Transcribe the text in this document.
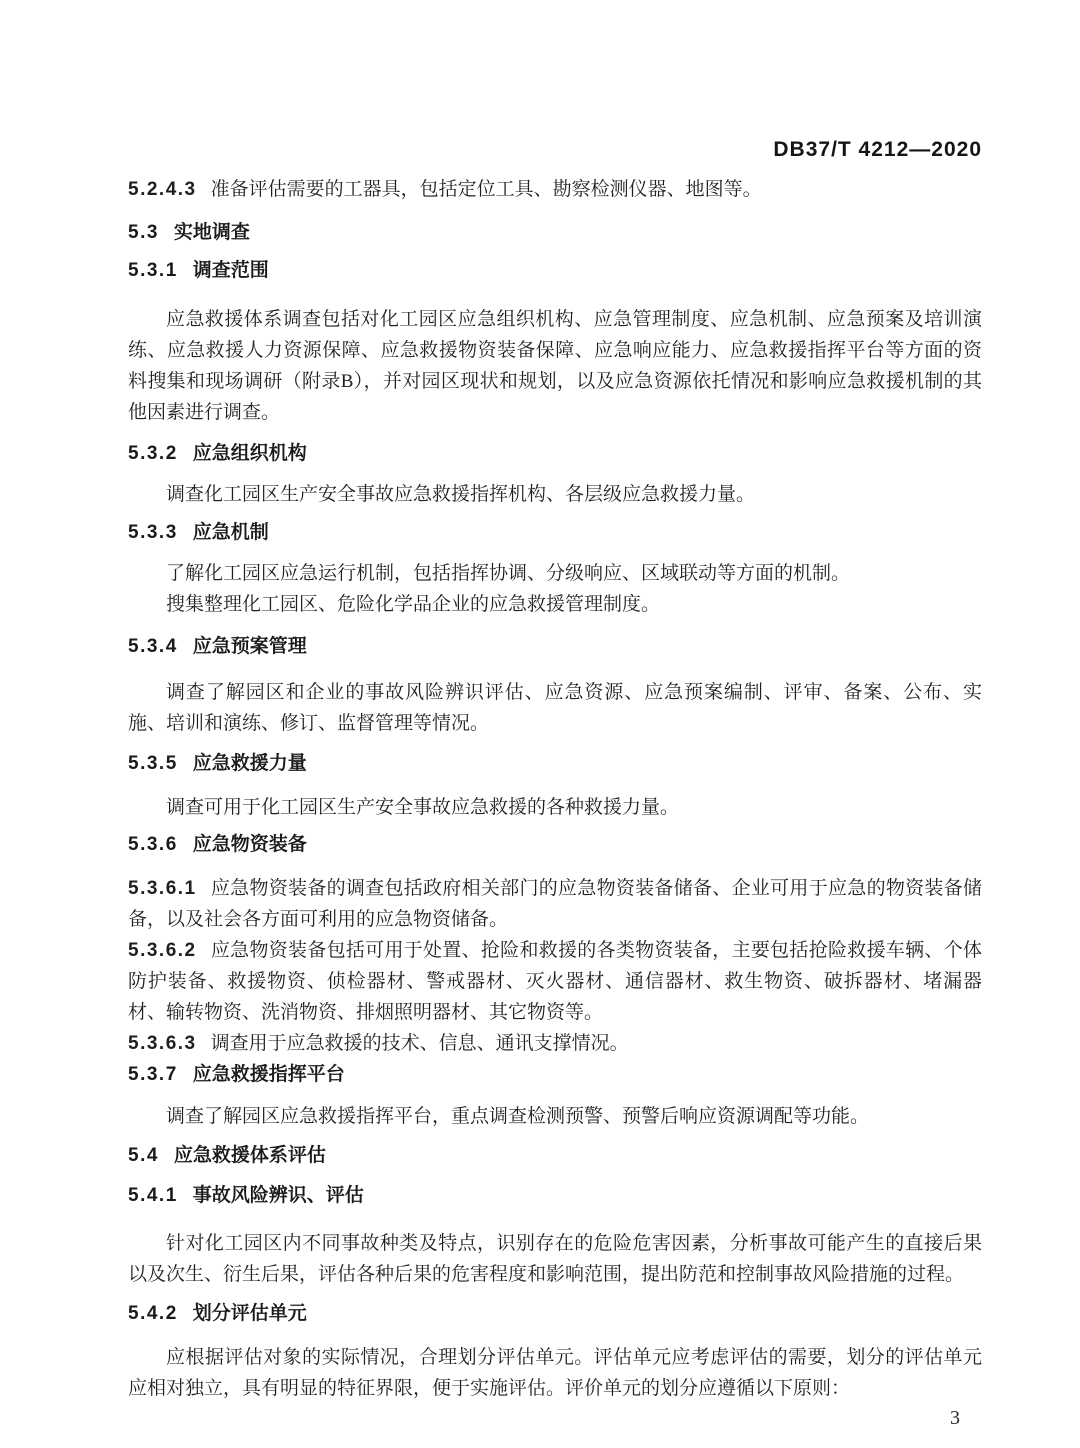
DB37/T 4212—2020

5.2.4.3 准备评估需要的工器具，包括定位工具、勘察检测仪器、地图等。

5.3 实地调查
5.3.1 调查范围

应急救援体系调查包括对化工园区应急组织机构、应急管理制度、应急机制、应急预案及培训演练、应急救援人力资源保障、应急救援物资装备保障、应急响应能力、应急救援指挥平台等方面的资料搜集和现场调研（附录B），并对园区现状和规划，以及应急资源依托情况和影响应急救援机制的其他因素进行调查。

5.3.2 应急组织机构

调查化工园区生产安全事故应急救援指挥机构、各层级应急救援力量。

5.3.3 应急机制

了解化工园区应急运行机制，包括指挥协调、分级响应、区域联动等方面的机制。

搜集整理化工园区、危险化学品企业的应急救援管理制度。

5.3.4 应急预案管理

调查了解园区和企业的事故风险辨识评估、应急资源、应急预案编制、评审、备案、公布、实施、培训和演练、修订、监督管理等情况。

5.3.5 应急救援力量

调查可用于化工园区生产安全事故应急救援的各种救援力量。

5.3.6 应急物资装备

5.3.6.1 应急物资装备的调查包括政府相关部门的应急物资装备储备、企业可用于应急的物资装备储备，以及社会各方面可利用的应急物资储备。

5.3.6.2 应急物资装备包括可用于处置、抢险和救援的各类物资装备，主要包括抢险救援车辆、个体防护装备、救援物资、侦检器材、警戒器材、灭火器材、通信器材、救生物资、破拆器材、堵漏器材、输转物资、洗消物资、排烟照明器材、其它物资等。

5.3.6.3 调查用于应急救援的技术、信息、通讯支撑情况。

5.3.7 应急救援指挥平台

调查了解园区应急救援指挥平台，重点调查检测预警、预警后响应资源调配等功能。

5.4 应急救援体系评估
5.4.1 事故风险辨识、评估

针对化工园区内不同事故种类及特点，识别存在的危险危害因素，分析事故可能产生的直接后果以及次生、衍生后果，评估各种后果的危害程度和影响范围，提出防范和控制事故风险措施的过程。

5.4.2 划分评估单元

应根据评估对象的实际情况，合理划分评估单元。评估单元应考虑评估的需要，划分的评估单元应相对独立，具有明显的特征界限，便于实施评估。评价单元的划分应遵循以下原则：

3
